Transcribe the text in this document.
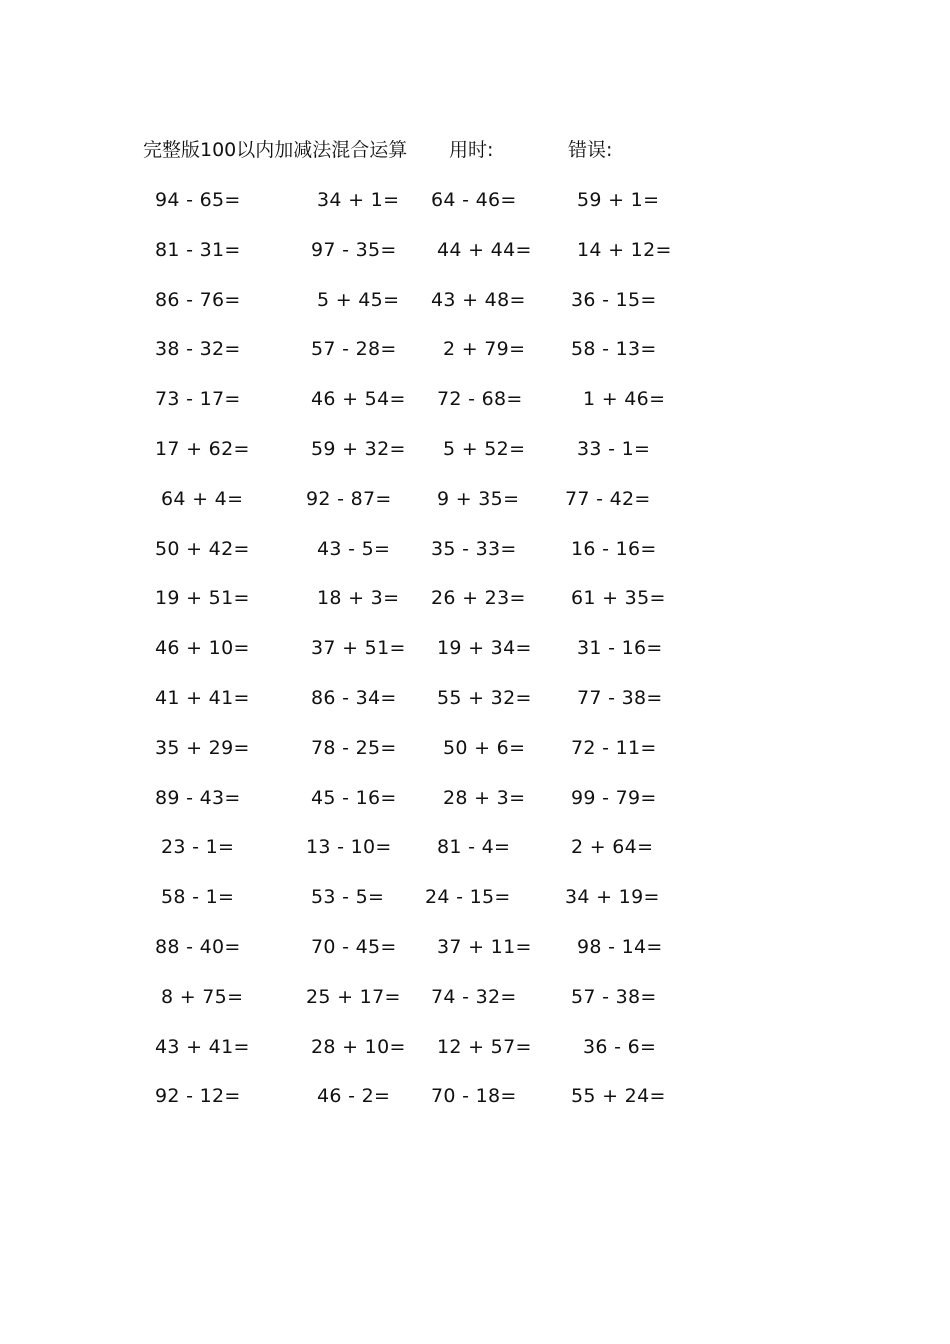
完整版100以内加减法混合运算 用时:	错误:
94 - 65=	34 + 1= 64 - 46=	59 + 1=
81 - 31=	97 - 35= 44 + 44= 14 + 12=
86 - 76=	5 + 45= 43 + 48= 36 - 15=
38 - 32=	57 - 28= 2 + 79= 58 - 13=
73 - 17=	46 + 54= 72 - 68=	1 + 46=
17 + 62=	59 + 32= 5 + 52=	33 - 1=
64 + 4=	92 - 87= 9 + 35= 77 - 42=
50 + 42=	43 - 5= 35 - 33=	16 - 16=
19 + 51=	18 + 3= 26 + 23= 61 + 35=
46 + 10=	37 + 51= 19 + 34= 31 - 16=
41 + 41=	86 - 34= 55 + 32= 77 - 38=
35 + 29=	78 - 25= 50 + 6= 72 - 11=
89 - 43=	45 - 16= 28 + 3= 99 - 79=
23 - 1=	13 - 10= 81 - 4=	2 + 64=
58 - 1=	53 - 5= 24 - 15=	34 + 19=
88 - 40=	70 - 45= 37 + 11= 98 - 14=
8 + 75=	25 + 17= 74 - 32=	57 - 38=
43 + 41=	28 + 10= 12 + 57=	36 - 6=
92 - 12=	46 - 2= 70 - 18=	55 + 24=
